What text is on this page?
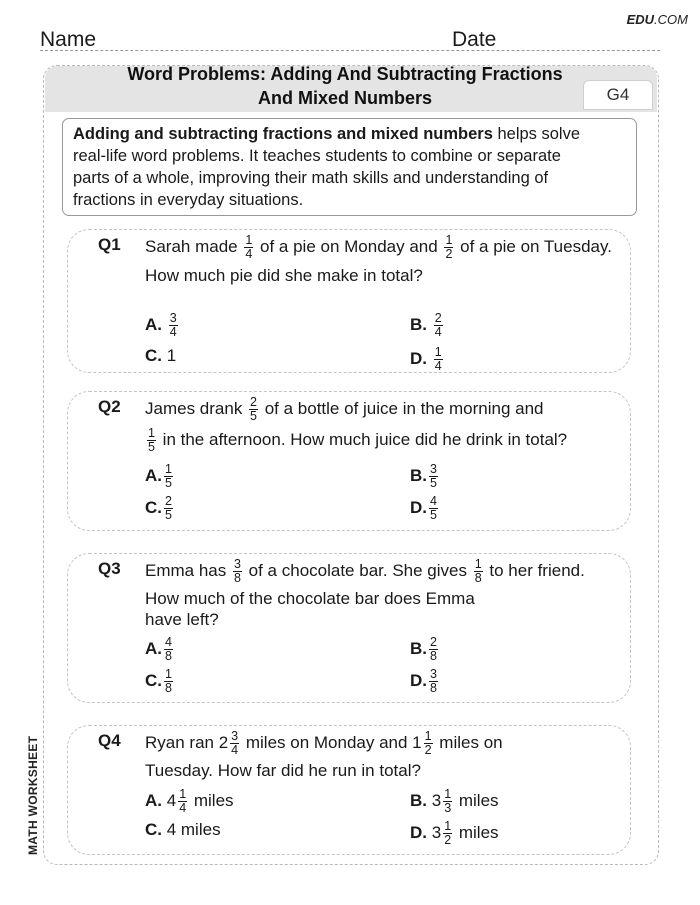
EDU.COM
Name	Date
Word Problems: Adding And Subtracting Fractions
And Mixed Numbers	G4
Adding and subtracting fractions and mixed numbers helps solve
real-life word problems. It teaches students to combine or separate
parts of a whole, improving their math skills and understanding of
fractions in everyday situations.
Q1 Sarah made $\frac{1}{4}$ of a pie on Monday and $\frac{1}{2}$ of a pie on Tuesday.
How much pie did she make in total?
A. $\frac{3}{4}$	B. $\frac{2}{4}$
C. 1	D. $\frac{1}{4}$
Q2 James drank $\frac{2}{5}$ of a bottle of juice in the morning and
$\frac{1}{5}$ in the afternoon. How much juice did he drink in total?
A. $\frac{1}{5}$	B. $\frac{3}{5}$
C. $\frac{2}{5}$	D. $\frac{4}{5}$
Q3 Emma has $\frac{3}{8}$ of a chocolate bar. She gives $\frac{1}{8}$ to her friend.
How much of the chocolate bar does Emma
have left?
A. $\frac{4}{8}$	B. $\frac{2}{8}$
C. $\frac{1}{8}$	D. $\frac{3}{8}$
Q4 Ryan ran $2 \frac{3}{4}$ miles on Monday and $1 \frac{1}{2}$ miles on
Tuesday. How far did he run in total?
A. $4 \frac{1}{4}$ miles	B. $3 \frac{1}{3}$ miles
C. 4 miles	D. $3 \frac{1}{2}$ miles
MATH WORKSHEET
